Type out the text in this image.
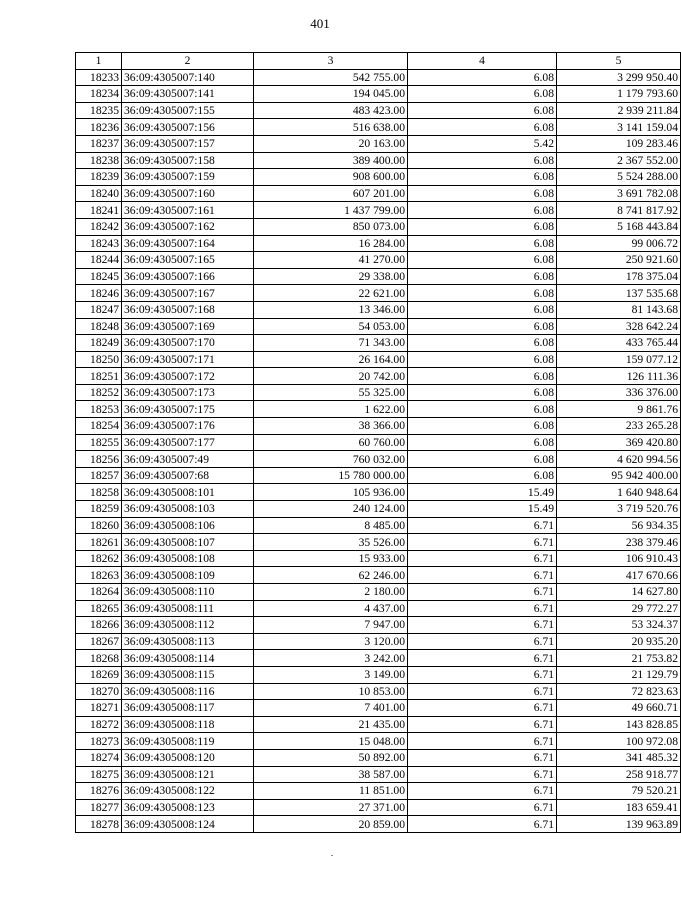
401
1	2	3	4	5
18233	36:09:4305007:140	542 755.00	6.08	3 299 950.40
18234	36:09:4305007:141	194 045.00	6.08	1 179 793.60
18235	36:09:4305007:155	483 423.00	6.08	2 939 211.84
18236	36:09:4305007:156	516 638.00	6.08	3 141 159.04
18237	36:09:4305007:157	20 163.00	5.42	109 283.46
18238	36:09:4305007:158	389 400.00	6.08	2 367 552.00
18239	36:09:4305007:159	908 600.00	6.08	5 524 288.00
18240	36:09:4305007:160	607 201.00	6.08	3 691 782.08
18241	36:09:4305007:161	1 437 799.00	6.08	8 741 817.92
18242	36:09:4305007:162	850 073.00	6.08	5 168 443.84
18243	36:09:4305007:164	16 284.00	6.08	99 006.72
18244	36:09:4305007:165	41 270.00	6.08	250 921.60
18245	36:09:4305007:166	29 338.00	6.08	178 375.04
18246	36:09:4305007:167	22 621.00	6.08	137 535.68
18247	36:09:4305007:168	13 346.00	6.08	81 143.68
18248	36:09:4305007:169	54 053.00	6.08	328 642.24
18249	36:09:4305007:170	71 343.00	6.08	433 765.44
18250	36:09:4305007:171	26 164.00	6.08	159 077.12
18251	36:09:4305007:172	20 742.00	6.08	126 111.36
18252	36:09:4305007:173	55 325.00	6.08	336 376.00
18253	36:09:4305007:175	1 622.00	6.08	9 861.76
18254	36:09:4305007:176	38 366.00	6.08	233 265.28
18255	36:09:4305007:177	60 760.00	6.08	369 420.80
18256	36:09:4305007:49	760 032.00	6.08	4 620 994.56
18257	36:09:4305007:68	15 780 000.00	6.08	95 942 400.00
18258	36:09:4305008:101	105 936.00	15.49	1 640 948.64
18259	36:09:4305008:103	240 124.00	15.49	3 719 520.76
18260	36:09:4305008:106	8 485.00	6.71	56 934.35
18261	36:09:4305008:107	35 526.00	6.71	238 379.46
18262	36:09:4305008:108	15 933.00	6.71	106 910.43
18263	36:09:4305008:109	62 246.00	6.71	417 670.66
18264	36:09:4305008:110	2 180.00	6.71	14 627.80
18265	36:09:4305008:111	4 437.00	6.71	29 772.27
18266	36:09:4305008:112	7 947.00	6.71	53 324.37
18267	36:09:4305008:113	3 120.00	6.71	20 935.20
18268	36:09:4305008:114	3 242.00	6.71	21 753.82
18269	36:09:4305008:115	3 149.00	6.71	21 129.79
18270	36:09:4305008:116	10 853.00	6.71	72 823.63
18271	36:09:4305008:117	7 401.00	6.71	49 660.71
18272	36:09:4305008:118	21 435.00	6.71	143 828.85
18273	36:09:4305008:119	15 048.00	6.71	100 972.08
18274	36:09:4305008:120	50 892.00	6.71	341 485.32
18275	36:09:4305008:121	38 587.00	6.71	258 918.77
18276	36:09:4305008:122	11 851.00	6.71	79 520.21
18277	36:09:4305008:123	27 371.00	6.71	183 659.41
18278	36:09:4305008:124	20 859.00	6.71	139 963.89
